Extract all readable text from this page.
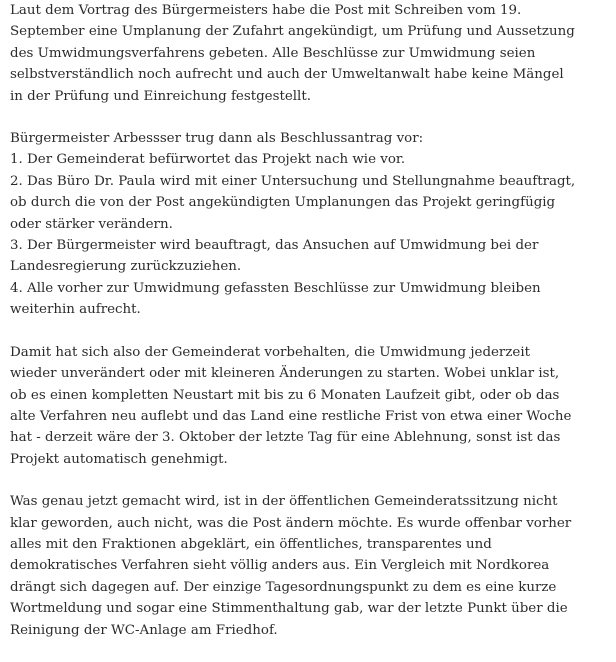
Laut dem Vortrag des Bürgermeisters habe die Post mit Schreiben vom 19.
September eine Umplanung der Zufahrt angekündigt, um Prüfung und Aussetzung
des Umwidmungsverfahrens gebeten. Alle Beschlüsse zur Umwidmung seien
selbstverständlich noch aufrecht und auch der Umweltanwalt habe keine Mängel
in der Prüfung und Einreichung festgestellt.

Bürgermeister Arbessser trug dann als Beschlussantrag vor:
1. Der Gemeinderat befürwortet das Projekt nach wie vor.
2. Das Büro Dr. Paula wird mit einer Untersuchung und Stellungnahme beauftragt,
ob durch die von der Post angekündigten Umplanungen das Projekt geringfügig
oder stärker verändern.
3. Der Bürgermeister wird beauftragt, das Ansuchen auf Umwidmung bei der
Landesregierung zurückzuziehen.
4. Alle vorher zur Umwidmung gefassten Beschlüsse zur Umwidmung bleiben
weiterhin aufrecht.

Damit hat sich also der Gemeinderat vorbehalten, die Umwidmung jederzeit
wieder unverändert oder mit kleineren Änderungen zu starten. Wobei unklar ist,
ob es einen kompletten Neustart mit bis zu 6 Monaten Laufzeit gibt, oder ob das
alte Verfahren neu auflebt und das Land eine restliche Frist von etwa einer Woche
hat - derzeit wäre der 3. Oktober der letzte Tag für eine Ablehnung, sonst ist das
Projekt automatisch genehmigt.

Was genau jetzt gemacht wird, ist in der öffentlichen Gemeinderatssitzung nicht
klar geworden, auch nicht, was die Post ändern möchte. Es wurde offenbar vorher
alles mit den Fraktionen abgeklärt, ein öffentliches, transparentes und
demokratisches Verfahren sieht völlig anders aus. Ein Vergleich mit Nordkorea
drängt sich dagegen auf. Der einzige Tagesordnungspunkt zu dem es eine kurze
Wortmeldung und sogar eine Stimmenthaltung gab, war der letzte Punkt über die
Reinigung der WC-Anlage am Friedhof.
